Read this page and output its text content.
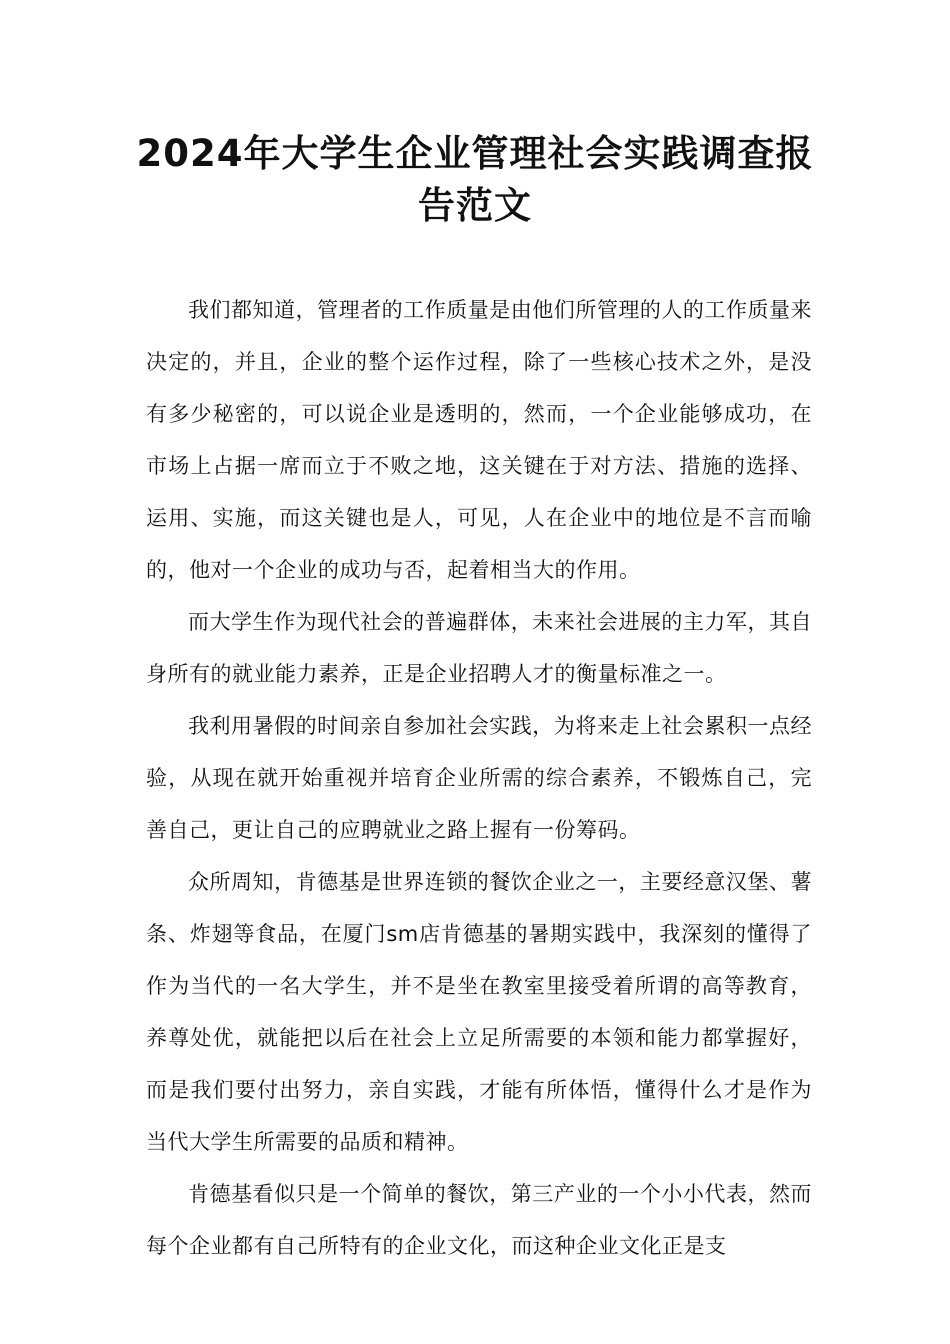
2024年大学生企业管理社会实践调查报告范文

我们都知道，管理者的工作质量是由他们所管理的人的工作质量来决定的，并且，企业的整个运作过程，除了一些核心技术之外，是没有多少秘密的，可以说企业是透明的，然而，一个企业能够成功，在市场上占据一席而立于不败之地，这关键在于对方法、措施的选择、运用、实施，而这关键也是人，可见，人在企业中的地位是不言而喻的，他对一个企业的成功与否，起着相当大的作用。

而大学生作为现代社会的普遍群体，未来社会进展的主力军，其自身所有的就业能力素养，正是企业招聘人才的衡量标准之一。

我利用暑假的时间亲自参加社会实践，为将来走上社会累积一点经验，从现在就开始重视并培育企业所需的综合素养，不锻炼自己，完善自己，更让自己的应聘就业之路上握有一份筹码。

众所周知，肯德基是世界连锁的餐饮企业之一，主要经意汉堡、薯条、炸翅等食品，在厦门sm店肯德基的暑期实践中，我深刻的懂得了作为当代的一名大学生，并不是坐在教室里接受着所谓的高等教育，养尊处优，就能把以后在社会上立足所需要的本领和能力都掌握好，而是我们要付出努力，亲自实践，才能有所体悟，懂得什么才是作为当代大学生所需要的品质和精神。

肯德基看似只是一个简单的餐饮，第三产业的一个小小代表，然而每个企业都有自己所特有的企业文化，而这种企业文化正是支
